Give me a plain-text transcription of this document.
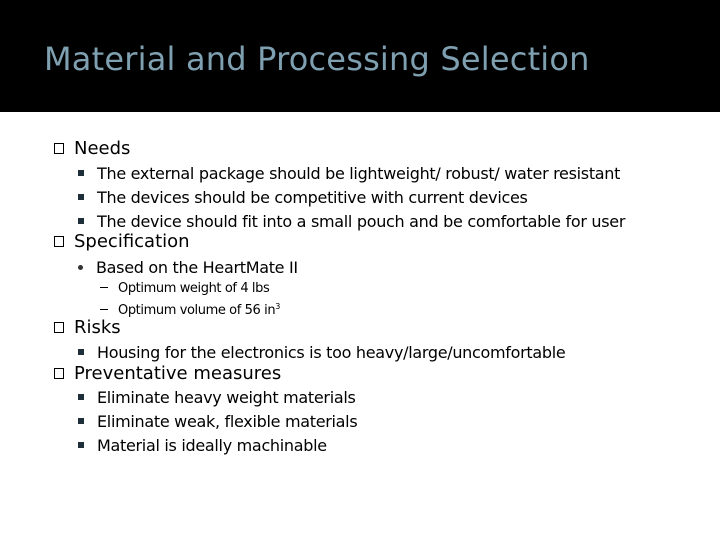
Material and Processing Selection
Needs
The external package should be lightweight/ robust/ water resistant
The devices should be competitive with current devices
The device should fit into a small pouch and be comfortable for user
Specification
Based on the HeartMate II
Optimum weight of 4 lbs
Optimum volume of 56 $in^3$
Risks
Housing for the electronics is too heavy/large/uncomfortable
Preventative measures
Eliminate heavy weight materials
Eliminate weak, flexible materials
Material is ideally machinable
